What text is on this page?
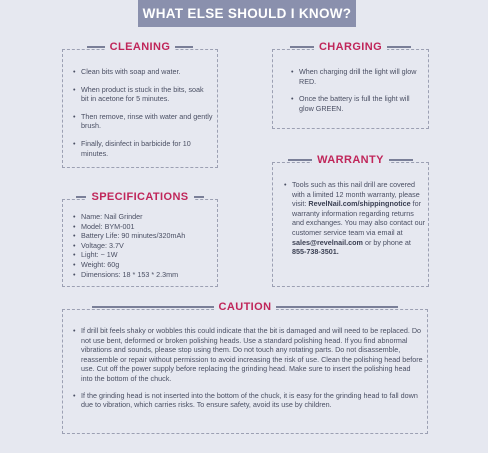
WHAT ELSE SHOULD I KNOW?
CLEANING
• Clean bits with soap and water.
• When product is stuck in the bits, soak bit in acetone for 5 minutes.
• Then remove, rinse with water and gently brush.
• Finally, disinfect in barbicide for 10 minutes.
CHARGING
• When charging drill the light will glow RED.
• Once the battery is full the light will glow GREEN.
SPECIFICATIONS
• Name: Nail Grinder
• Model: BYM-001
• Battery Life: 90 minutes/320mAh
• Voltage: 3.7V
• Light: ~ 1W
• Weight: 60g
• Dimensions: 18 * 153 * 2.3mm
WARRANTY
• Tools such as this nail drill are covered with a limited 12 month warranty, please visit: RevelNail.com/shippingnotice for warranty information regarding returns and exchanges. You may also contact our customer service team via email at sales@revelnail.com or by phone at 855-738-3501.
CAUTION
• If drill bit feels shaky or wobbles this could indicate that the bit is damaged and will need to be replaced. Do not use bent, deformed or broken polishing heads. Use a standard polishing head. If you find abnormal vibrations and sounds, please stop using them. Do not touch any rotating parts. Do not disassemble, reassemble or repair without permission to avoid increasing the risk of use. Clean the polishing head before use. Cut off the power supply before replacing the grinding head. Make sure to insert the polishing head into the bottom of the chuck.
• If the grinding head is not inserted into the bottom of the chuck, it is easy for the grinding head to fall down due to vibration, which carries risks. To ensure safety, avoid its use by children.
